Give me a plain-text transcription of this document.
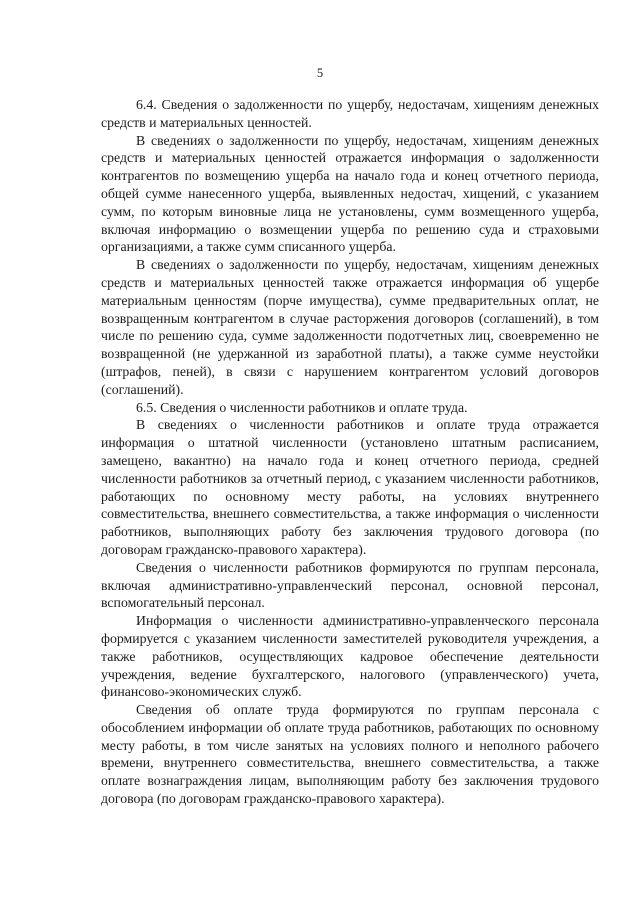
5

6.4. Сведения о задолженности по ущербу, недостачам, хищениям денежных средств и материальных ценностей.

В сведениях о задолженности по ущербу, недостачам, хищениям денежных средств и материальных ценностей отражается информация о задолженности контрагентов по возмещению ущерба на начало года и конец отчетного периода, общей сумме нанесенного ущерба, выявленных недостач, хищений, с указанием сумм, по которым виновные лица не установлены, сумм возмещенного ущерба, включая информацию о возмещении ущерба по решению суда и страховыми организациями, а также сумм списанного ущерба.

В сведениях о задолженности по ущербу, недостачам, хищениям денежных средств и материальных ценностей также отражается информация об ущербе материальным ценностям (порче имущества), сумме предварительных оплат, не возвращенным контрагентом в случае расторжения договоров (соглашений), в том числе по решению суда, сумме задолженности подотчетных лиц, своевременно не возвращенной (не удержанной из заработной платы), а также сумме неустойки (штрафов, пеней), в связи с нарушением контрагентом условий договоров (соглашений).

6.5. Сведения о численности работников и оплате труда.

В сведениях о численности работников и оплате труда отражается информация о штатной численности (установлено штатным расписанием, замещено, вакантно) на начало года и конец отчетного периода, средней численности работников за отчетный период, с указанием численности работников, работающих по основному месту работы, на условиях внутреннего совместительства, внешнего совместительства, а также информация о численности работников, выполняющих работу без заключения трудового договора (по договорам гражданско-правового характера).

Сведения о численности работников формируются по группам персонала, включая административно-управленческий персонал, основной персонал, вспомогательный персонал.

Информация о численности административно-управленческого персонала формируется с указанием численности заместителей руководителя учреждения, а также работников, осуществляющих кадровое обеспечение деятельности учреждения, ведение бухгалтерского, налогового (управленческого) учета, финансово-экономических служб.

Сведения об оплате труда формируются по группам персонала с обособлением информации об оплате труда работников, работающих по основному месту работы, в том числе занятых на условиях полного и неполного рабочего времени, внутреннего совместительства, внешнего совместительства, а также оплате вознаграждения лицам, выполняющим работу без заключения трудового договора (по договорам гражданско-правового характера).
